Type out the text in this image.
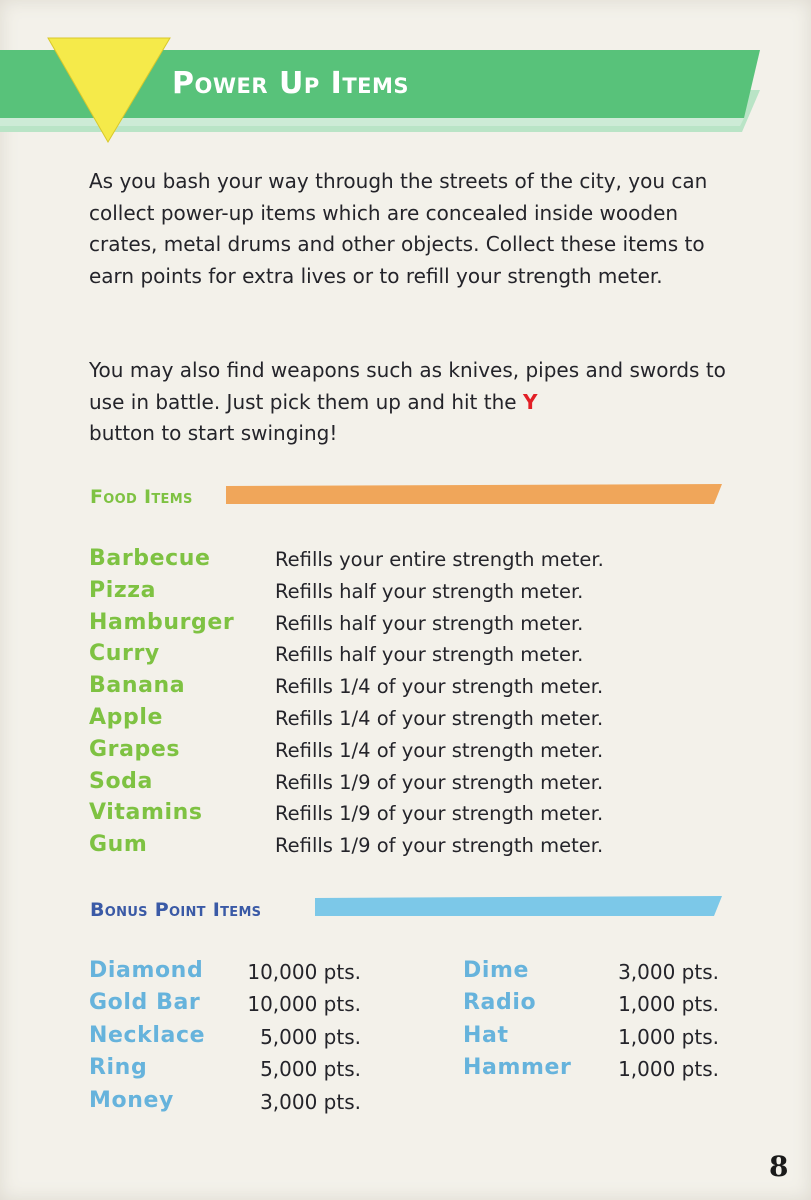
Power Up Items

As you bash your way through the streets of the city, you can collect power-up items which are concealed inside wooden crates, metal drums and other objects. Collect these items to earn points for extra lives or to refill your strength meter.

You may also find weapons such as knives, pipes and swords to use in battle. Just pick them up and hit the Y
button to start swinging!

Food Items
Barbecue	Refills your entire strength meter.
Pizza	Refills half your strength meter.
Hamburger Refills half your strength meter.
Curry	Refills half your strength meter.
Banana	Refills 1/4 of your strength meter.
Apple	Refills 1/4 of your strength meter.
Grapes	Refills 1/4 of your strength meter.
Soda	Refills 1/9 of your strength meter.
Vitamins	Refills 1/9 of your strength meter.
Gum	Refills 1/9 of your strength meter.
Bonus Point Items
Diamond 10,000 pts.
Gold Bar 10,000 pts.
Necklace	5,000 pts.
Ring	5,000 pts.
Money	3,000 pts.
Dime	3,000 pts.
Radio	1,000 pts.
Hat	1,000 pts.
Hammer 1,000 pts.
8
